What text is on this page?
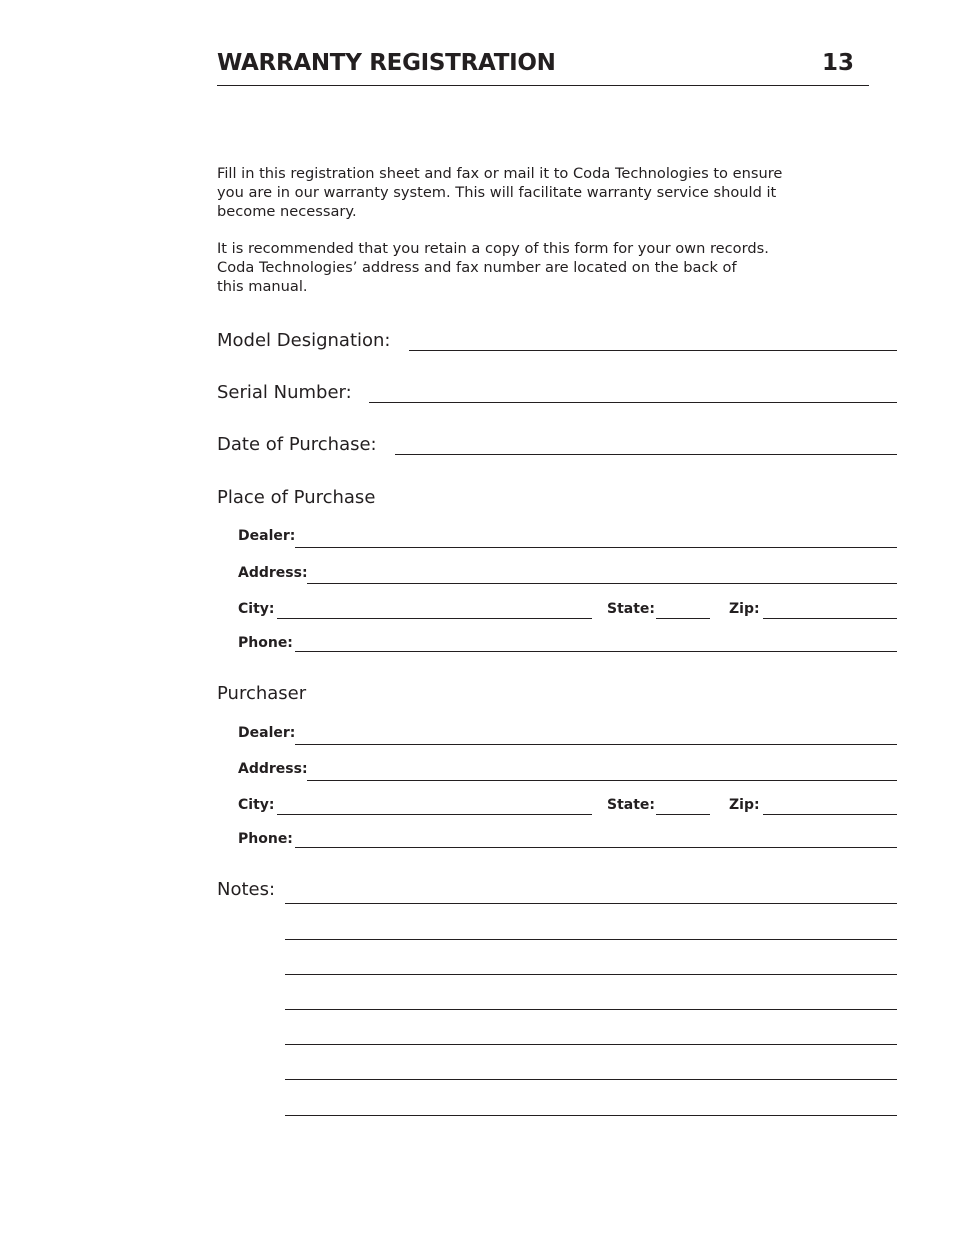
WARRANTY REGISTRATION	13
Fill in this registration sheet and fax or mail it to Coda Technologies to ensure
you are in our warranty system. This will facilitate warranty service should it
become necessary.
It is recommended that you retain a copy of this form for your own records.
Coda Technologies’ address and fax number are located on the back of
this manual.
Model Designation:
Serial Number:
Date of Purchase:
Place of Purchase
Dealer:
Address:
City:	State:	Zip:
Phone:
Purchaser
Dealer:
Address:
City:	State:	Zip:
Phone:
Notes:
